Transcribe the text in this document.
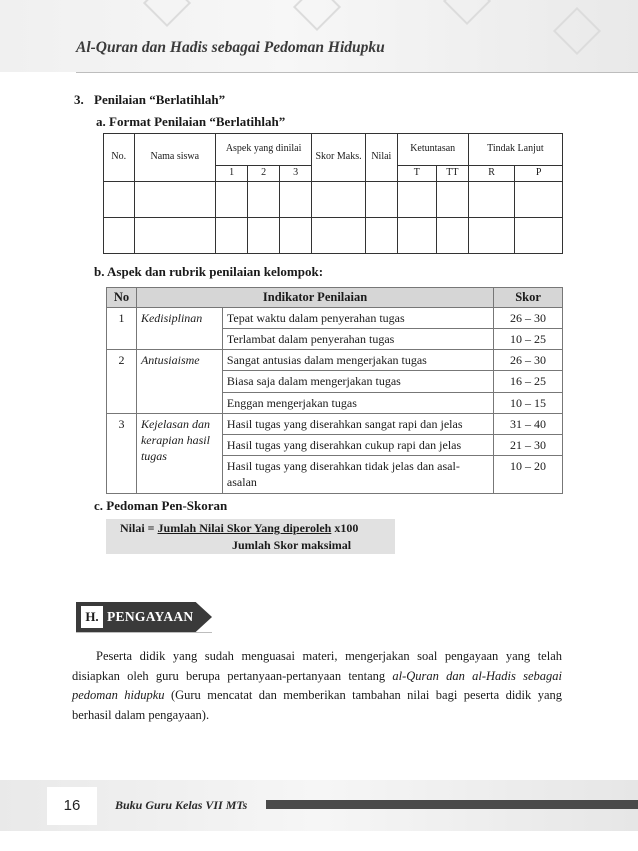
Al-Quran dan Hadis sebagai Pedoman Hidupku
3. Penilaian “Berlatihlah”
a. Format Penilaian “Berlatihlah”
No.	Nama siswa	Aspek yang dinilai			Skor Maks.	Nilai	Ketuntasan		Tindak Lanjut	
		1	2	3			T	TT	R	P

b. Aspek dan rubrik penilaian kelompok:
No	Indikator Penilaian		Skor
1	Kedisiplinan	Tepat waktu dalam penyerahan tugas	26 – 30
		Terlambat dalam penyerahan tugas	10 – 25
2	Antusiaisme	Sangat antusias dalam mengerjakan tugas	26 – 30
		Biasa saja dalam mengerjakan tugas	16 – 25
		Enggan mengerjakan tugas	10 – 15
3	Kejelasan dan kerapian hasil tugas	Hasil tugas yang diserahkan sangat rapi dan jelas	31 – 40
		Hasil tugas yang diserahkan cukup rapi dan jelas	21 – 30
		Hasil tugas yang diserahkan tidak jelas dan asal-asalan	10 – 20
c. Pedoman Pen-Skoran
Nilai = Jumlah Nilai Skor Yang diperoleh x100
Jumlah Skor maksimal
H. PENGAYAAN

Peserta didik yang sudah menguasai materi, mengerjakan soal pengayaan yang telah disiapkan oleh guru berupa pertanyaan-pertanyaan tentang al-Quran dan al-Hadis sebagai pedoman hidupku (Guru mencatat dan memberikan tambahan nilai bagi peserta didik yang berhasil dalam pengayaan).

16	Buku Guru Kelas VII MTs
